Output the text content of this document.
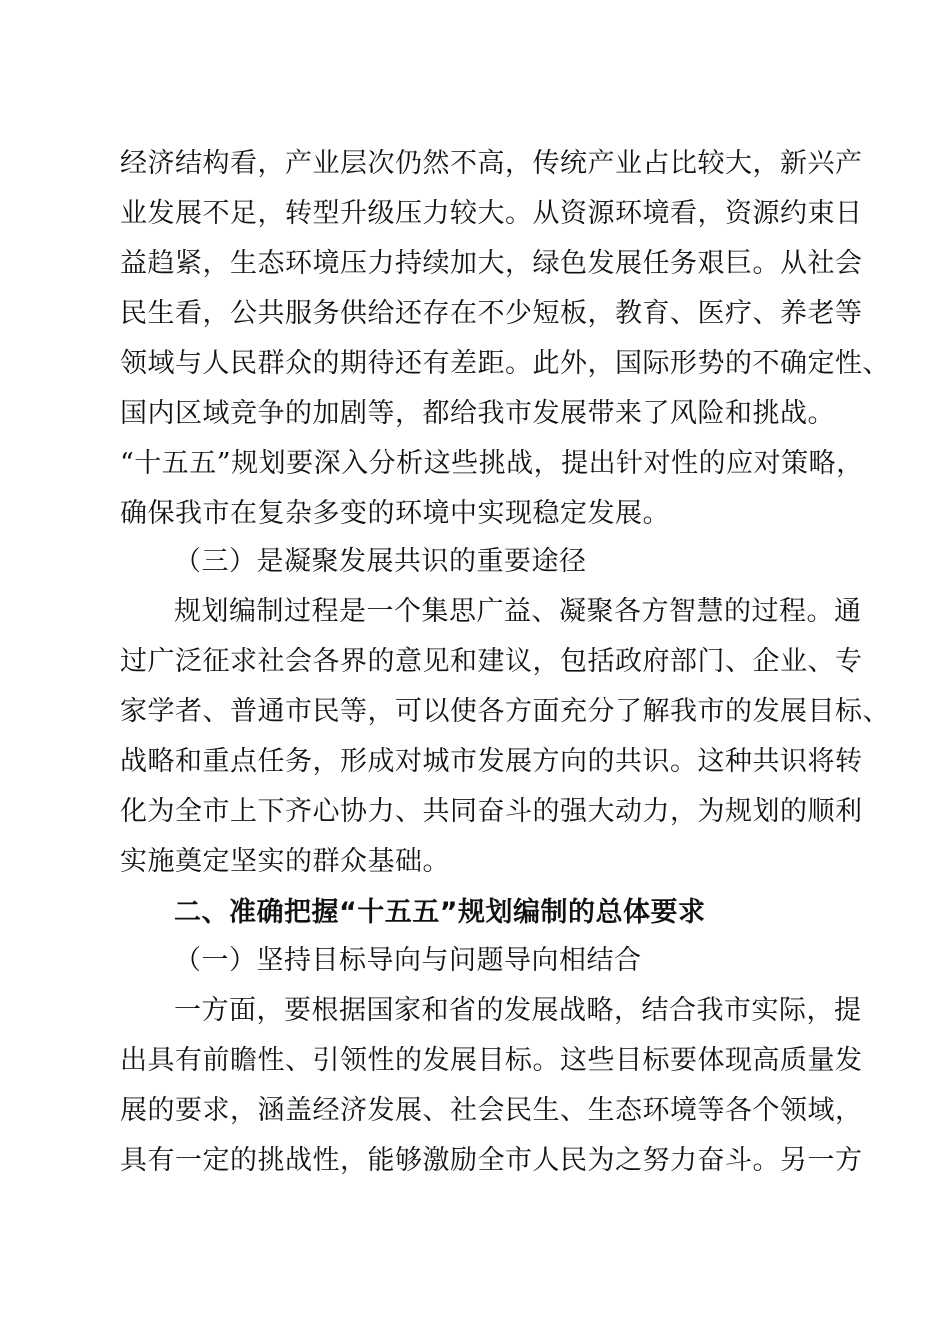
经济结构看，产业层次仍然不高，传统产业占比较大，新兴产
业发展不足，转型升级压力较大。从资源环境看，资源约束日
益趋紧，生态环境压力持续加大，绿色发展任务艰巨。从社会
民生看，公共服务供给还存在不少短板，教育、医疗、养老等
领域与人民群众的期待还有差距。此外，国际形势的不确定性、
国内区域竞争的加剧等，都给我市发展带来了风险和挑战。
“十五五”规划要深入分析这些挑战，提出针对性的应对策略，
确保我市在复杂多变的环境中实现稳定发展。
（三）是凝聚发展共识的重要途径
规划编制过程是一个集思广益、凝聚各方智慧的过程。通
过广泛征求社会各界的意见和建议，包括政府部门、企业、专
家学者、普通市民等，可以使各方面充分了解我市的发展目标、
战略和重点任务，形成对城市发展方向的共识。这种共识将转
化为全市上下齐心协力、共同奋斗的强大动力，为规划的顺利
实施奠定坚实的群众基础。
二、准确把握“十五五”规划编制的总体要求
（一）坚持目标导向与问题导向相结合
一方面，要根据国家和省的发展战略，结合我市实际，提
出具有前瞻性、引领性的发展目标。这些目标要体现高质量发
展的要求，涵盖经济发展、社会民生、生态环境等各个领域，
具有一定的挑战性，能够激励全市人民为之努力奋斗。另一方
